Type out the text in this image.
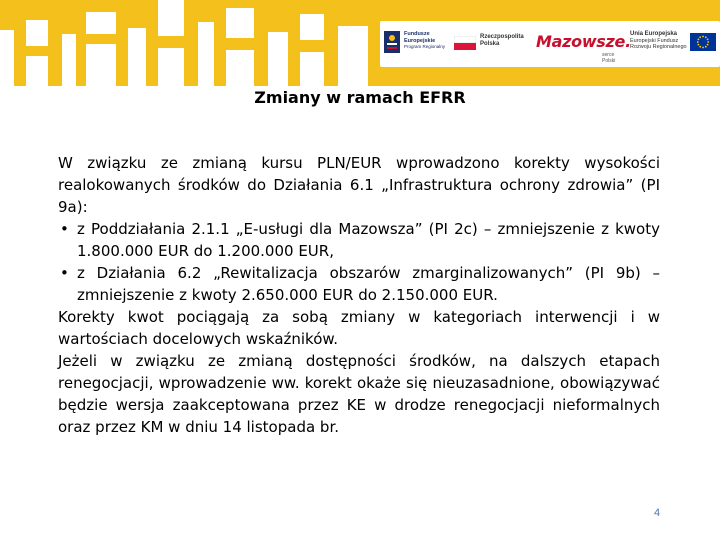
Fundusze
Europejskie
Program Regionalny
Rzeczpospolita
Polska	Mazowsze.
serce Polski
Unia Europejska
Europejski Fundusz
Rozwoju Regionalnego
Zmiany w ramach EFRR

W związku ze zmianą kursu PLN/EUR wprowadzono korekty wysokości realokowanych środków do Działania 6.1 „Infrastruktura ochrony zdrowia” (PI 9a):

• z Poddziałania 2.1.1 „E-usługi dla Mazowsza” (PI 2c) – zmniejszenie z kwoty 1.800.000 EUR do 1.200.000 EUR,
• z Działania 6.2 „Rewitalizacja obszarów zmarginalizowanych” (PI 9b) – zmniejszenie z kwoty 2.650.000 EUR do 2.150.000 EUR.

Korekty kwot pociągają za sobą zmiany w kategoriach interwencji i w wartościach docelowych wskaźników.

Jeżeli w związku ze zmianą dostępności środków, na dalszych etapach renegocjacji, wprowadzenie ww. korekt okaże się nieuzasadnione, obowiązywać będzie wersja zaakceptowana przez KE w drodze renegocjacji nieformalnych oraz przez KM w dniu 14 listopada br.

4
